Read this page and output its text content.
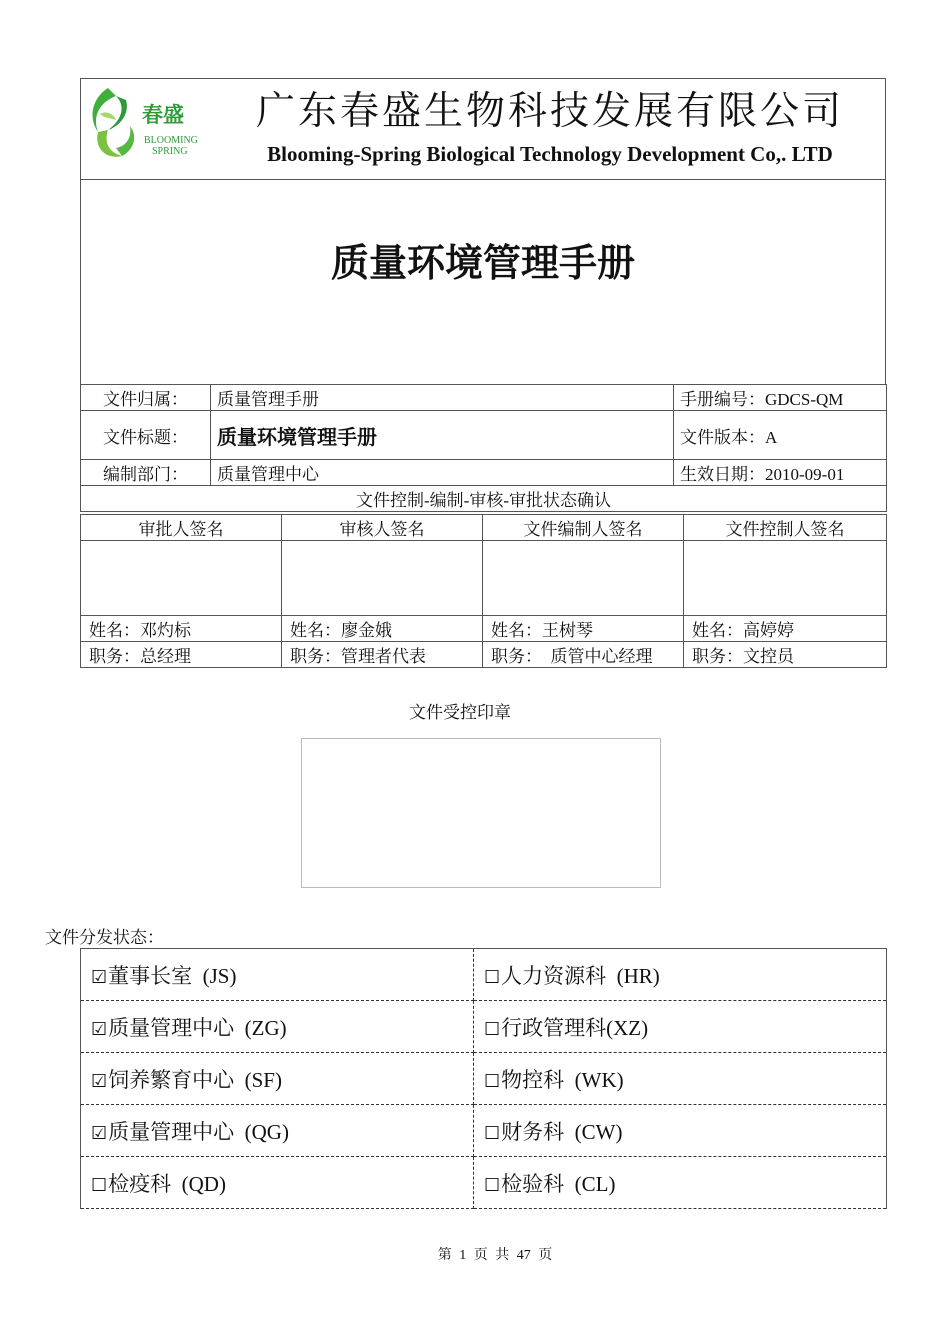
春盛
BLOOMING
SPRING
广东春盛生物科技发展有限公司
Blooming-Spring Biological Technology Development Co,. LTD
质量环境管理手册
文件归属：	质量管理手册	手册编号：GDCS-QM
文件标题：	质量环境管理手册	文件版本：A
编制部门：	质量管理中心	生效日期：2010-09-01
文件控制-编制-审核-审批状态确认		
审批人签名	审核人签名	文件编制人签名	文件控制人签名

姓名：邓灼标	姓名：廖金娥	姓名：王树琴	姓名：高婷婷
职务：总经理	职务：管理者代表	职务：  质管中心经理	职务：文控员
文件受控印章
文件分发状态：
☑董事长室  (JS)	☐人力资源科  (HR)
☑质量管理中心  (ZG)	☐行政管理科(XZ)
☑饲养繁育中心  (SF)	☐物控科  (WK)
☑质量管理中心  (QG)	☐财务科  (CW)
☐检疫科  (QD)	☐检验科  (CL)
第 1 页 共 47 页
